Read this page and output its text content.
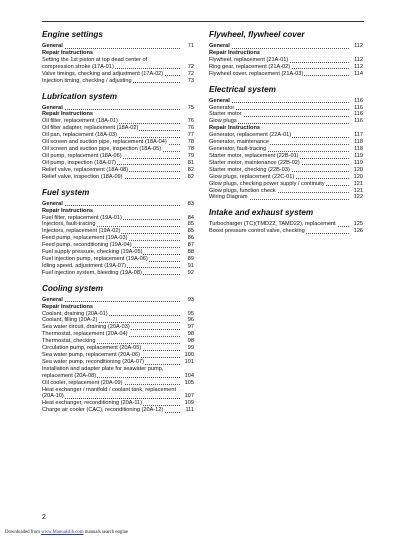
Engine settings
General	71
Repair Instructions
Setting the 1st piston at top dead center of compression stroke (17A-01)	72
Valve timings, checking and adjustment (17A-02)	72
Injection timing, checking / adjusting	73
Lubrication system
General	75
Repair Instructions
Oil filter, replacement (18A-01)	76
Oil filter adapter, replacement (18A-02)	76
Oil pan, replacement (18A-03)	77
Oil screen and suction pipe, replacement (18A-04)	78
Oil screen and suction pipe, inspection (18A-05)	78
Oil pump, replacement (18A-06)	79
Oil pump, inspection (18A-07)	81
Relief valve, replacement (18A-08)	82
Relief valve, inspection (18A-09)	82
Fuel system
General	83
Repair Instructions
Fuel filter, replacement (19A-01)	84
Injectors, fault-tracing	85
Injectors, replacement (19A-02)	85
Feed pump, replacement (19A-03)	86
Feed pump, reconditioning (19A-04)	87
Fuel supply pressure, checking (19A-05)	88
Fuel injection pump, replacement (19A-06)	89
Idling speed, adjustment (19A-07)	91
Fuel injection system, bleeding (19A-08)	92
Cooling system
General	93
Repair Instructions
Coolant, draining (20A-01)	95
Coolant, filling (20A-2)	96
Sea water circuit, draining (20A-03)	97
Thermostat, replacement (20A-04)	98
Thermostat, checking	98
Circulation pump, replacement (20A-05)	99
Sea water pump, replacement (20A-06)	100
Sea water pump, reconditioning (20A-07)	101
Installation and adapter plate for seawater pump, replacement (20A-08)	104
Oil cooler, replacement (20A-09)	105
Heat exchanger / manifold / coolant tank, replacement (20A-10)	107
Heat exchanger, reconditioning (20A-11)	109
Charge air cooler (CAC), reconditioning (20A-12)	111
Flywheel, flywheel cover
General	112
Repair Instructions
Flywheel, replacement (21A-01)	112
Ring gear, replacement (21A-02)	112
Flywheel cover, replacement (21A-03)	114
Electrical system
General	116
Generator	116
Starter motor	116
Glow plugs	116
Repair Instructions
Generator, replacement (22A-01)	117
Generator, maintenance	118
Generator, fault-tracing	118
Starter motor, replacement (22B-01)	119
Starter motor, maintenance (22B-02)	119
Starter motor, checking (22B-03)	120
Glow plugs, replacement (22C-01)	120
Glow plugs, checking power supply / continuity	121
Glow plugs, function check	121
Wiring Diagram	122
Intake and exhaust system
Turbocharger (TC)(TMD22, TAMD22), replacement	125
Boost pressure control valve, checking	126
2
Downloaded from www.Manualslib.com manuals search engine
